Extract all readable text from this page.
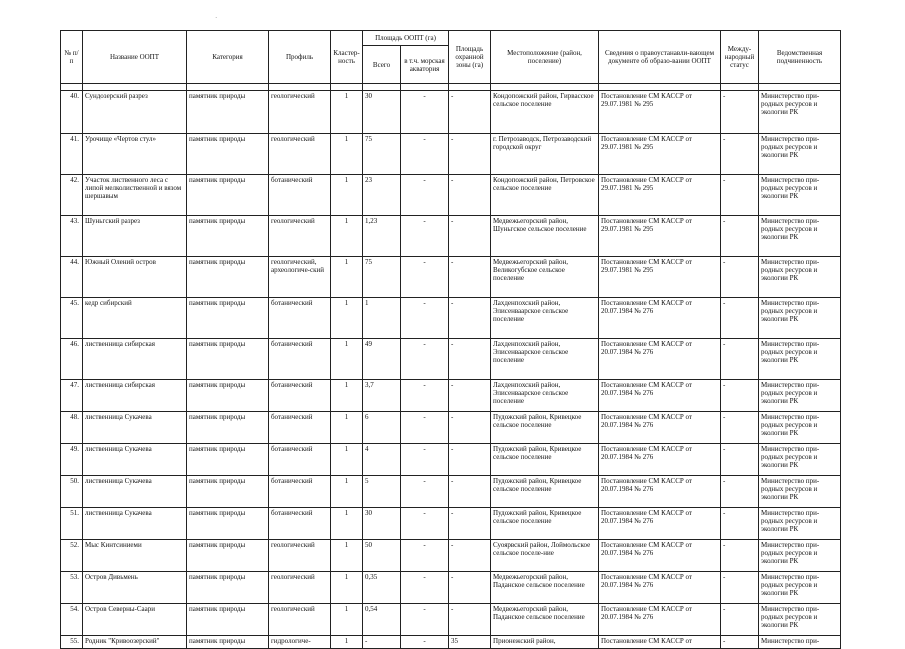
·
№ п/п	Название ООПТ	Категория	Профиль	Кластер-ность	Площадь ООПТ (га)		Площадь охранной зоны (га)	Местоположение (район, поселение)	Сведения о правоустанавли-вающем документе об образо-вании ООПТ	Между-народный статус	Ведомственная подчиненность
					Всего	в т.ч. морская акватория					

40.	Сундозерский разрез	памятник природы	геологический	1	30	-	-	Кондопожский район, Гирвасское сельское поселение	Постановление СМ КАССР от 29.07.1981 № 295	-	Министерство при-родных ресурсов и экологии РК
41.	Урочище «Чертов стул»	памятник природы	геологический	1	75	-	-	г. Петрозаводск, Петрозаводский городской округ	Постановление СМ КАССР от 29.07.1981 № 295	-	Министерство при-родных ресурсов и экологии РК
42.	Участок лиственного леса с липой мелколиственной и вязом шершавым	памятник природы	ботанический	1	23	-	-	Кондопожский район, Петровское сельское поселение	Постановление СМ КАССР от 29.07.1981 № 295	-	Министерство при-родных ресурсов и экологии РК
43.	Шуньгский разрез	памятник природы	геологический	1	1,23	-	-	Медвежьегорский район, Шуньгское сельское поселение	Постановление СМ КАССР от 29.07.1981 № 295	-	Министерство при-родных ресурсов и экологии РК
44.	Южный Олений остров	памятник природы	геологический, археологиче-ский	1	75	-	-	Медвежьегорский район, Великогубское сельское поселение	Постановление СМ КАССР от 29.07.1981 № 295	-	Министерство при-родных ресурсов и экологии РК
45.	кедр сибирский	памятник природы	ботанический	1	1	-	-	Лахденпохский район, Элисенваарское сельское поселение	Постановление СМ КАССР от 20.07.1984 № 276	-	Министерство при-родных ресурсов и экологии РК
46.	лиственница сибирская	памятник природы	ботанический	1	49	-	-	Лахденпохский район, Элисенваарское сельское поселение	Постановление СМ КАССР от 20.07.1984 № 276	-	Министерство при-родных ресурсов и экологии РК
47.	лиственница сибирская	памятник природы	ботанический	1	3,7	-	-	Лахденпохский район, Элисенваарское сельское поселение	Постановление СМ КАССР от 20.07.1984 № 276	-	Министерство при-родных ресурсов и экологии РК
48.	лиственница Сукачева	памятник природы	ботанический	1	6	-	-	Пудожский район, Кривецкое сельское поселение	Постановление СМ КАССР от 20.07.1984 № 276	-	Министерство при-родных ресурсов и экологии РК
49.	лиственница Сукачева	памятник природы	ботанический	1	4	-	-	Пудожский район, Кривецкое сельское поселение	Постановление СМ КАССР от 20.07.1984 № 276	-	Министерство при-родных ресурсов и экологии РК
50.	лиственница Сукачева	памятник природы	ботанический	1	5	-	-	Пудожский район, Кривецкое сельское поселение	Постановление СМ КАССР от 20.07.1984 № 276	-	Министерство при-родных ресурсов и экологии РК
51.	лиственница Сукачева	памятник природы	ботанический	1	30	-	-	Пудожский район, Кривецкое сельское поселение	Постановление СМ КАССР от 20.07.1984 № 276	-	Министерство при-родных ресурсов и экологии РК
52.	Мыс Кинтсиниеми	памятник природы	геологический	1	50	-	-	Суоярвский район, Лоймольское сельское поселе-ние	Постановление СМ КАССР от 20.07.1984 № 276	-	Министерство при-родных ресурсов и экологии РК
53.	Остров Дивьмень	памятник природы	геологический	1	0,35	-	-	Медвежьегорский район, Паданское сельское поселение	Постановление СМ КАССР от 20.07.1984 № 276	-	Министерство при-родных ресурсов и экологии РК
54.	Остров Северны-Сaари	памятник природы	геологический	1	0,54	-	-	Медвежьегорский район, Паданское сельское поселение	Постановление СМ КАССР от 20.07.1984 № 276	-	Министерство при-родных ресурсов и экологии РК
55.	Родник "Кривоозерский"	памятник природы	гидрологиче-	1	-	-	35	Прионежский район,	Постановление СМ КАССР от	-	Министерство при-
